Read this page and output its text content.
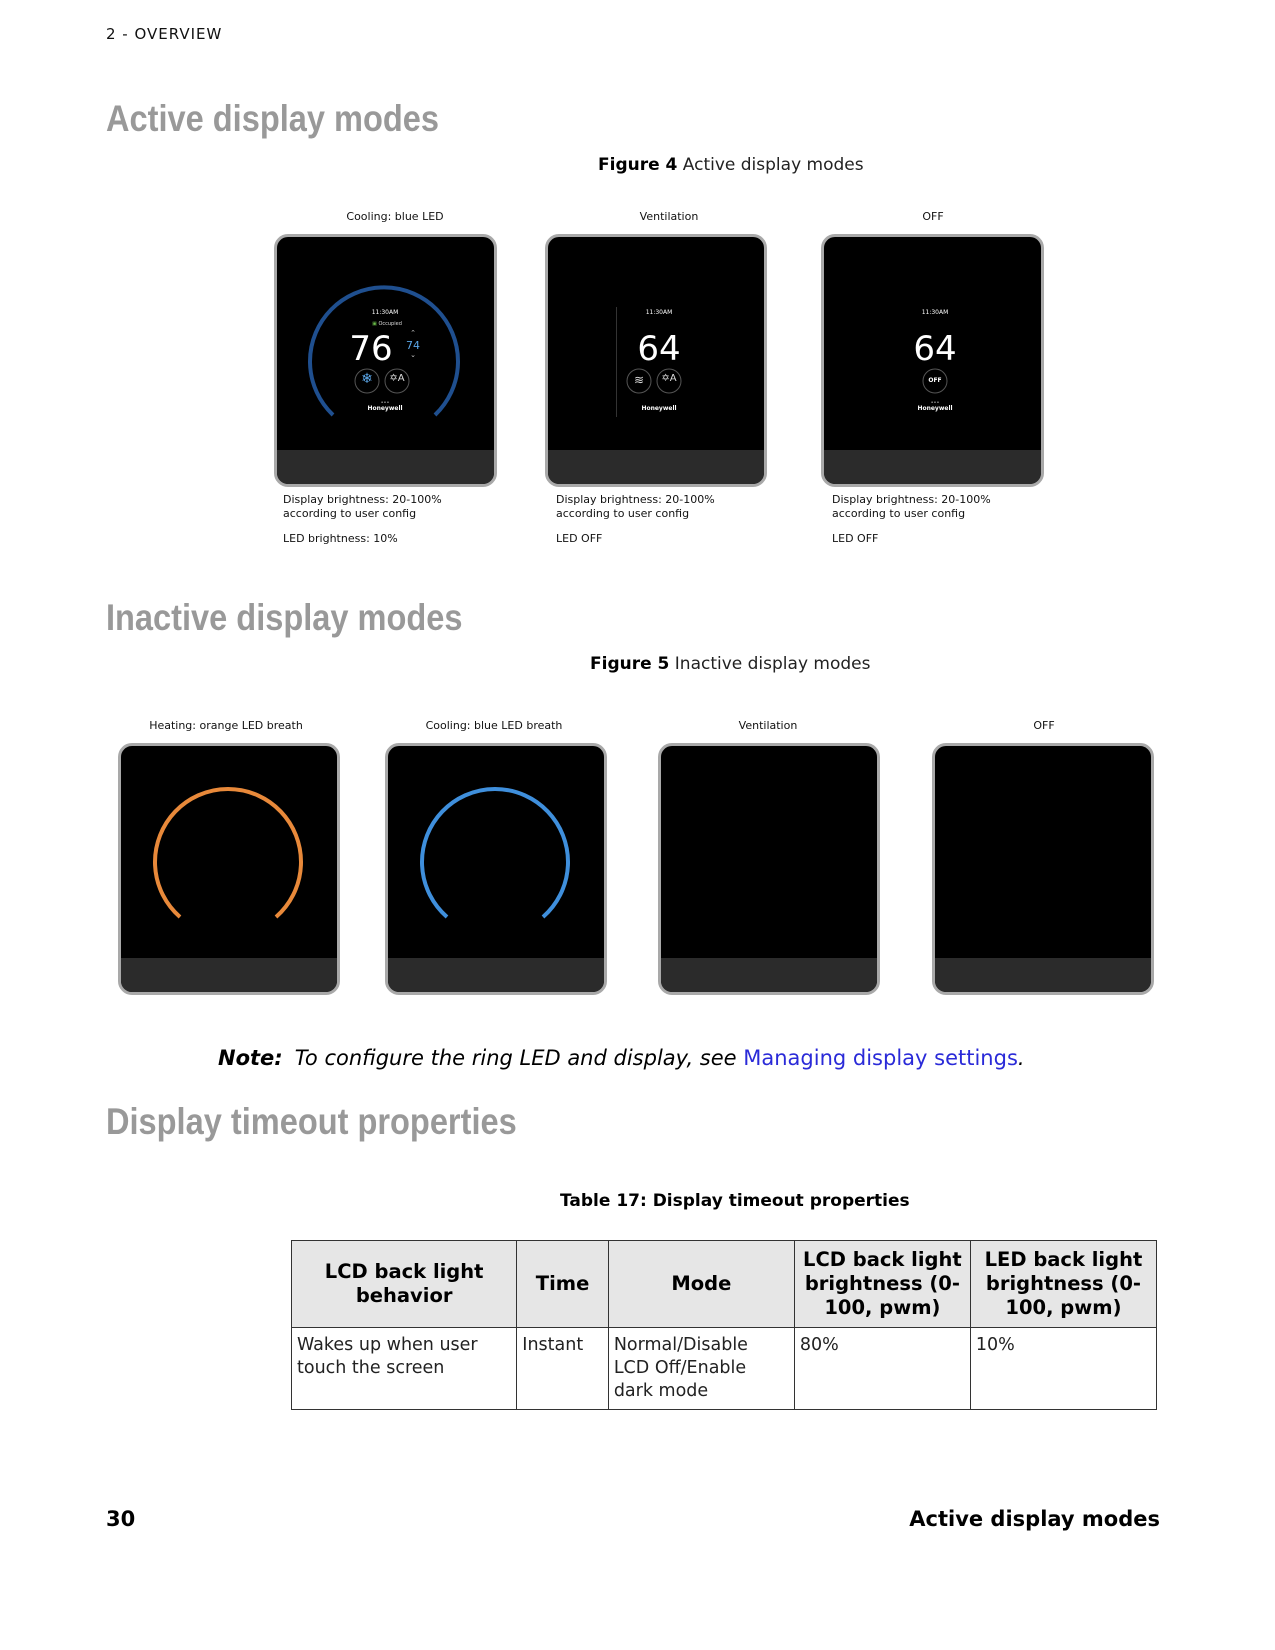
2 - OVERVIEW
Active display modes
Figure 4 Active display modes
Cooling: blue LED
11:30AM
▣ Occupied
76 74
⌃
⌄
❄ ✡A
•••
Honeywell
Display brightness: 20-100%
according to user config
LED brightness: 10%
Ventilation
11:30AM
64
≋ ✡A
Honeywell
Display brightness: 20-100%
according to user config
LED OFF
OFF
11:30AM
64
OFF
•••
Honeywell
Display brightness: 20-100%
according to user config
LED OFF
Inactive display modes
Figure 5 Inactive display modes
Heating: orange LED breath	Cooling: blue LED breath	Ventilation	OFF
Note: To configure the ring LED and display, see Managing display settings.
Display timeout properties
Table 17: Display timeout properties
LCD back light behavior	Time	Mode	LCD back light brightness (0-100, pwm)	LED back light brightness (0-100, pwm)
Wakes up when user touch the screen	Instant	Normal/Disable LCD Off/Enable dark mode	80%	10%
30	Active display modes
